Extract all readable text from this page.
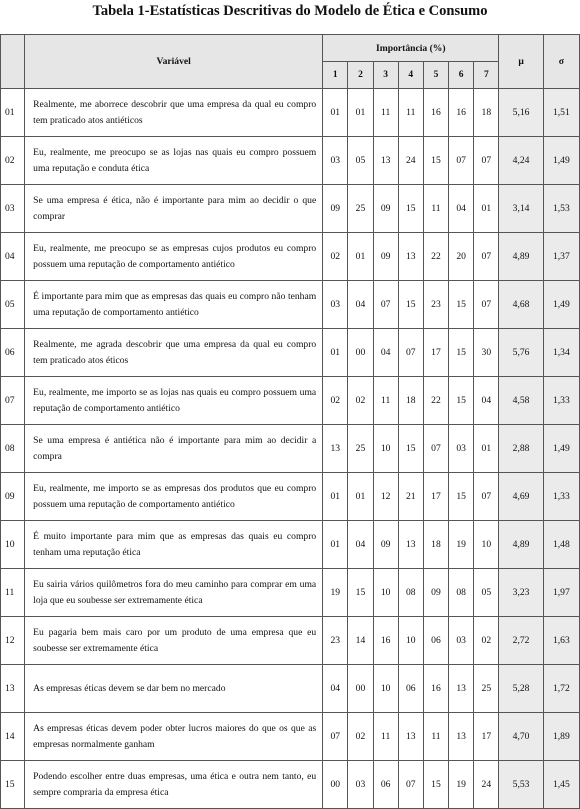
Tabela 1-Estatísticas Descritivas do Modelo de Ética e Consumo
	Variável	Importância (%)							μ	σ
		1	2	3	4	5	6	7		
01	Realmente, me aborrece descobrir que uma empresa da qual eu compro tem praticado atos antiéticos	01	01	11	11	16	16	18	5,16	1,51
02	Eu, realmente, me preocupo se as lojas nas quais eu compro possuem uma reputação e conduta ética	03	05	13	24	15	07	07	4,24	1,49
03	Se uma empresa é ética, não é importante para mim ao decidir o que comprar	09	25	09	15	11	04	01	3,14	1,53
04	Eu, realmente, me preocupo se as empresas cujos produtos eu compro possuem uma reputação de comportamento antiético	02	01	09	13	22	20	07	4,89	1,37
05	É importante para mim que as empresas das quais eu compro não tenham uma reputação de comportamento antiético	03	04	07	15	23	15	07	4,68	1,49
06	Realmente, me agrada descobrir que uma empresa da qual eu compro tem praticado atos éticos	01	00	04	07	17	15	30	5,76	1,34
07	Eu, realmente, me importo se as lojas nas quais eu compro possuem uma reputação de comportamento antiético	02	02	11	18	22	15	04	4,58	1,33
08	Se uma empresa é antiética não é importante para mim ao decidir a compra	13	25	10	15	07	03	01	2,88	1,49
09	Eu, realmente, me importo se as empresas dos produtos que eu compro possuem uma reputação de comportamento antiético	01	01	12	21	17	15	07	4,69	1,33
10	É muito importante para mim que as empresas das quais eu compro tenham uma reputação ética	01	04	09	13	18	19	10	4,89	1,48
11	Eu sairia vários quilômetros fora do meu caminho para comprar em uma loja que eu soubesse ser extremamente ética	19	15	10	08	09	08	05	3,23	1,97
12	Eu pagaria bem mais caro por um produto de uma empresa que eu soubesse ser extremamente ética	23	14	16	10	06	03	02	2,72	1,63
13	As empresas éticas devem se dar bem no mercado	04	00	10	06	16	13	25	5,28	1,72
14	As empresas éticas devem poder obter lucros maiores do que os que as empresas normalmente ganham	07	02	11	13	11	13	17	4,70	1,89
15	Podendo escolher entre duas empresas, uma ética e outra nem tanto, eu sempre compraria da empresa ética	00	03	06	07	15	19	24	5,53	1,45
